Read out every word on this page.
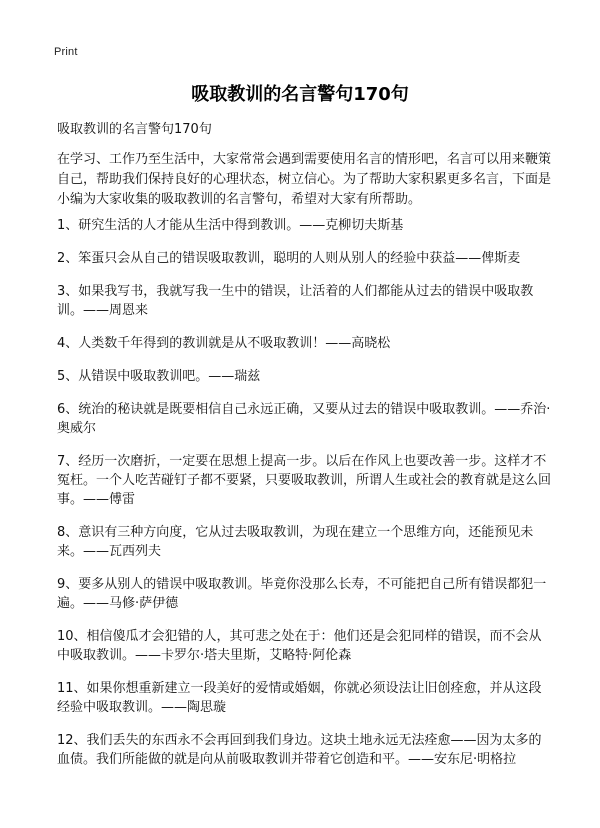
Print
吸取教训的名言警句170句

吸取教训的名言警句170句

在学习、工作乃至生活中，大家常常会遇到需要使用名言的情形吧，名言可以用来鞭策自己，帮助我们保持良好的心理状态，树立信心。为了帮助大家积累更多名言，下面是小编为大家收集的吸取教训的名言警句，希望对大家有所帮助。

1、研究生活的人才能从生活中得到教训。——克柳切夫斯基
2、笨蛋只会从自己的错误吸取教训，聪明的人则从别人的经验中获益——俾斯麦
3、如果我写书，我就写我一生中的错误，让活着的人们都能从过去的错误中吸取教训。——周恩来
4、人类数千年得到的教训就是从不吸取教训！——高晓松
5、从错误中吸取教训吧。——瑞兹
6、统治的秘诀就是既要相信自己永远正确，又要从过去的错误中吸取教训。——乔治·奥威尔
7、经历一次磨折，一定要在思想上提高一步。以后在作风上也要改善一步。这样才不冤枉。一个人吃苦碰钉子都不要紧，只要吸取教训，所谓人生或社会的教育就是这么回事。——傅雷
8、意识有三种方向度，它从过去吸取教训，为现在建立一个思维方向，还能预见未来。——瓦西列夫
9、要多从别人的错误中吸取教训。毕竟你没那么长寿，不可能把自己所有错误都犯一遍。——马修·萨伊德
10、相信傻瓜才会犯错的人，其可悲之处在于：他们还是会犯同样的错误，而不会从中吸取教训。——卡罗尔·塔夫里斯，艾略特·阿伦森
11、如果你想重新建立一段美好的爱情或婚姻，你就必须设法让旧创痊愈，并从这段经验中吸取教训。——陶思璇
12、我们丢失的东西永不会再回到我们身边。这块土地永远无法痊愈——因为太多的血债。我们所能做的就是向从前吸取教训并带着它创造和平。——安东尼·明格拉
